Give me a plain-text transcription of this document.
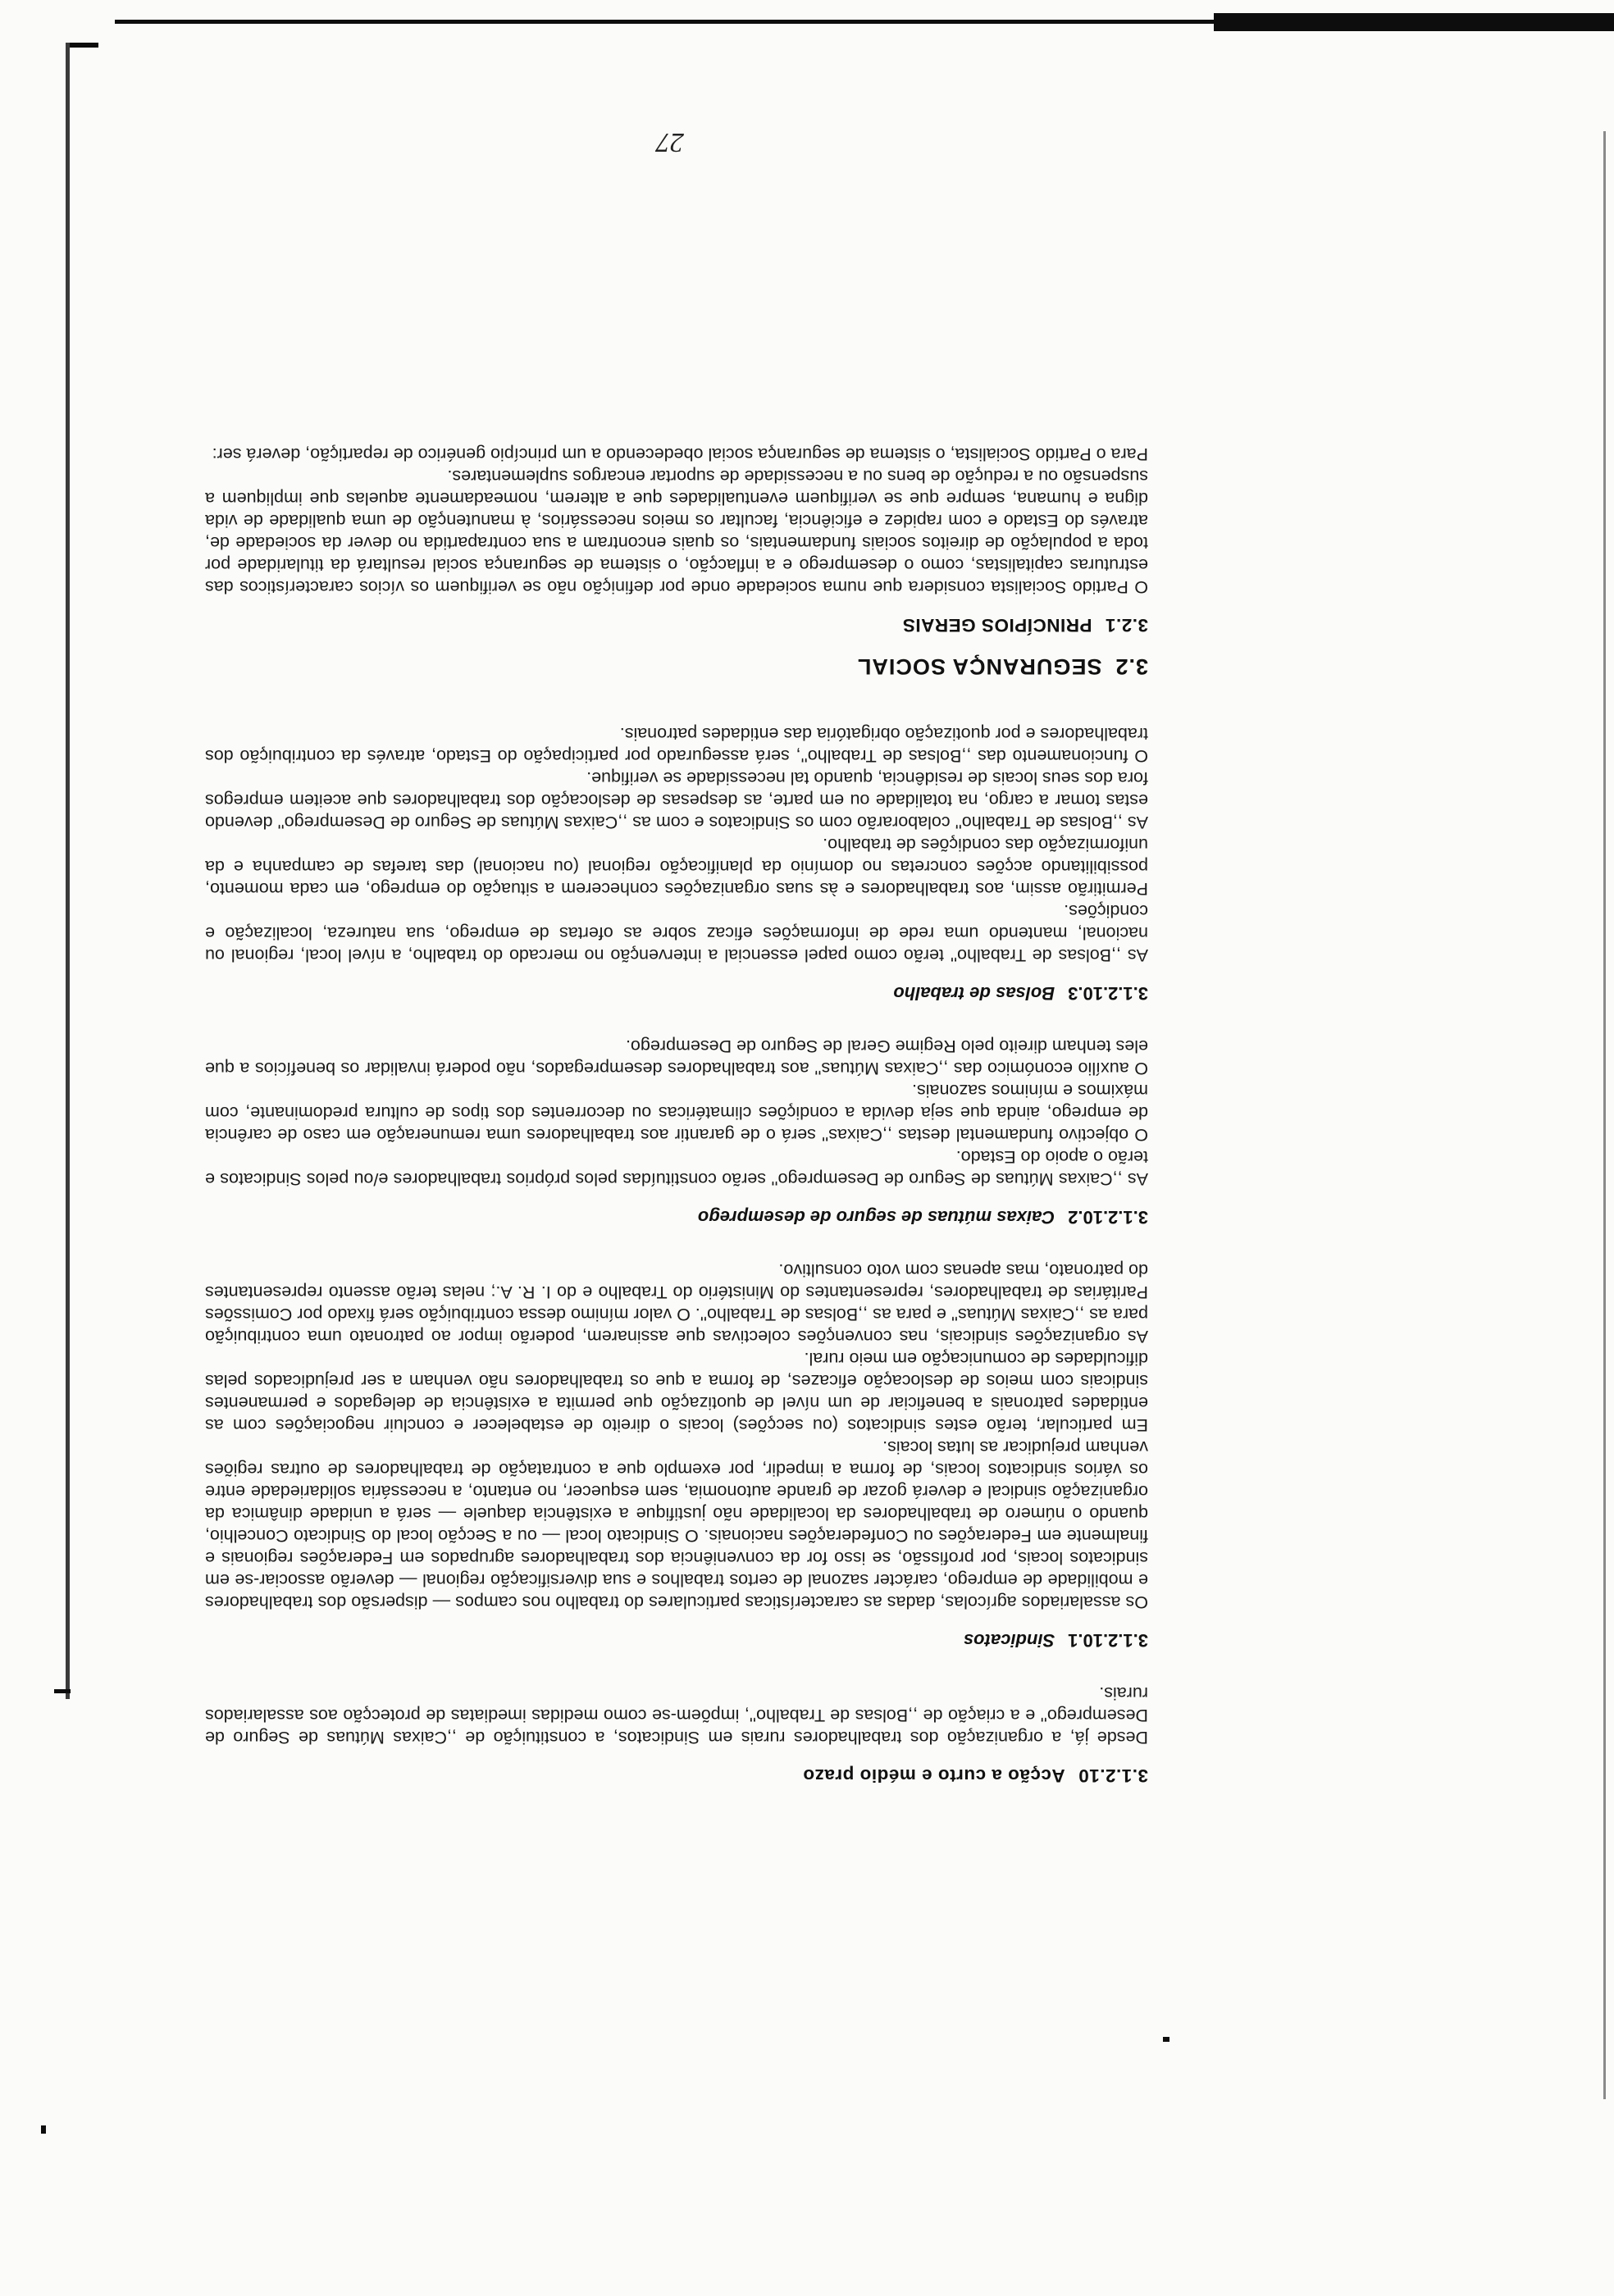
3.1.2.10Acção a curto e médio prazo

Desde já, a organização dos trabalhadores rurais em Sindicatos, a constituição de ,,Caixas Mútuas de Seguro de Desemprego'' e a criação de ,,Bolsas de Trabalho'', impõem-se como medidas imediatas de protecção aos assalariados rurais.

3.1.2.10.1Sindicatos

Os assalariados agrícolas, dadas as características particulares do trabalho nos campos — dispersão dos trabalhadores e mobilidade de emprego, carácter sazonal de certos trabalhos e sua diversificação regional — deverão associar-se em sindicatos locais, por profissão, se isso for da conveniência dos trabalhadores agrupados em Federações regionais e finalmente em Federações ou Confederações nacionais. O Sindicato local — ou a Secção local do Sindicato Concelhio, quando o número de trabalhadores da localidade não justifique a existência daquele — será a unidade dinâmica da organização sindical e deverá gozar de grande autonomia, sem esquecer, no entanto, a necessária solidariedade entre os vários sindicatos locais, de forma a impedir, por exemplo que a contratação de trabalhadores de outras regiões venham prejudicar as lutas locais.

Em particular, terão estes sindicatos (ou secções) locais o direito de estabelecer e concluir negociações com as entidades patronais a beneficiar de um nível de quotização que permita a existência de delegados e permanentes sindicais com meios de deslocação eficazes, de forma a que os trabalhadores não venham a ser prejudicados pelas dificuldades de comunicação em meio rural.

As organizações sindicais, nas convenções colectivas que assinarem, poderão impor ao patronato uma contribuição para as ,,Caixas Mútuas'' e para as ,,Bolsas de Trabalho''. O valor mínimo dessa contribuição será fixado por Comissões Paritárias de trabalhadores, representantes do Ministério do Trabalho e do I. R. A.; nelas terão assento representantes do patronato, mas apenas com voto consultivo.

3.1.2.10.2Caixas mútuas de seguro de desemprego

As ,,Caixas Mútuas de Seguro de Desemprego'' serão constituídas pelos próprios trabalhadores e/ou pelos Sindicatos e terão o apoio do Estado.

O objectivo fundamental destas ,,Caixas'' será o de garantir aos trabalhadores uma remuneração em caso de carência de emprego, ainda que seja devida a condições climatéricas ou decorrentes dos tipos de cultura predominante, com máximos e mínimos sazonais.

O auxílio económico das ,,Caixas Mútuas'' aos trabalhadores desempregados, não poderá invalidar os benefícios a que eles tenham direito pelo Regime Geral de Seguro de Desemprego.

3.1.2.10.3Bolsas de trabalho

As ,,Bolsas de Trabalho'' terão como papel essencial a intervenção no mercado do trabalho, a nível local, regional ou nacional, mantendo uma rede de informações eficaz sobre as ofertas de emprego, sua natureza, localização e condições.

Permitirão assim, aos trabalhadores e às suas organizações conhecerem a situação do emprego, em cada momento, possibilitando acções concretas no domínio da planificação regional (ou nacional) das tarefas de campanha e da uniformização das condições de trabalho.

As ,,Bolsas de Trabalho'' colaborarão com os Sindicatos e com as ,,Caixas Mútuas de Seguro de Desemprego'' devendo estas tomar a cargo, na totalidade ou em parte, as despesas de deslocação dos trabalhadores que aceitem empregos fora dos seus locais de residência, quando tal necessidade se verifique.

O funcionamento das ,,Bolsas de Trabalho'', será assegurado por participação do Estado, através da contribuição dos trabalhadores e por quotização obrigatória das entidades patronais.

3.2SEGURANÇA SOCIAL
3.2.1PRINCÍPIOS GERAIS

O Partido Socialista considera que numa sociedade onde por definição não se verifiquem os vícios característicos das estruturas capitalistas, como o desemprego e a inflacção, o sistema de segurança social resultará da titularidade por toda a população de direitos sociais fundamentais, os quais encontram a sua contrapartida no dever da sociedade de, através do Estado e com rapidez e eficiência, facultar os meios necessários, à manutenção de uma qualidade de vida digna e humana, sempre que se verifiquem eventualidades que a alterem, nomeadamente aquelas que impliquem a suspensão ou a redução de bens ou a necessidade de suportar encargos suplementares.

Para o Partido Socialista, o sistema de segurança social obedecendo a um princípio genérico de repartição, deverá ser:

27
